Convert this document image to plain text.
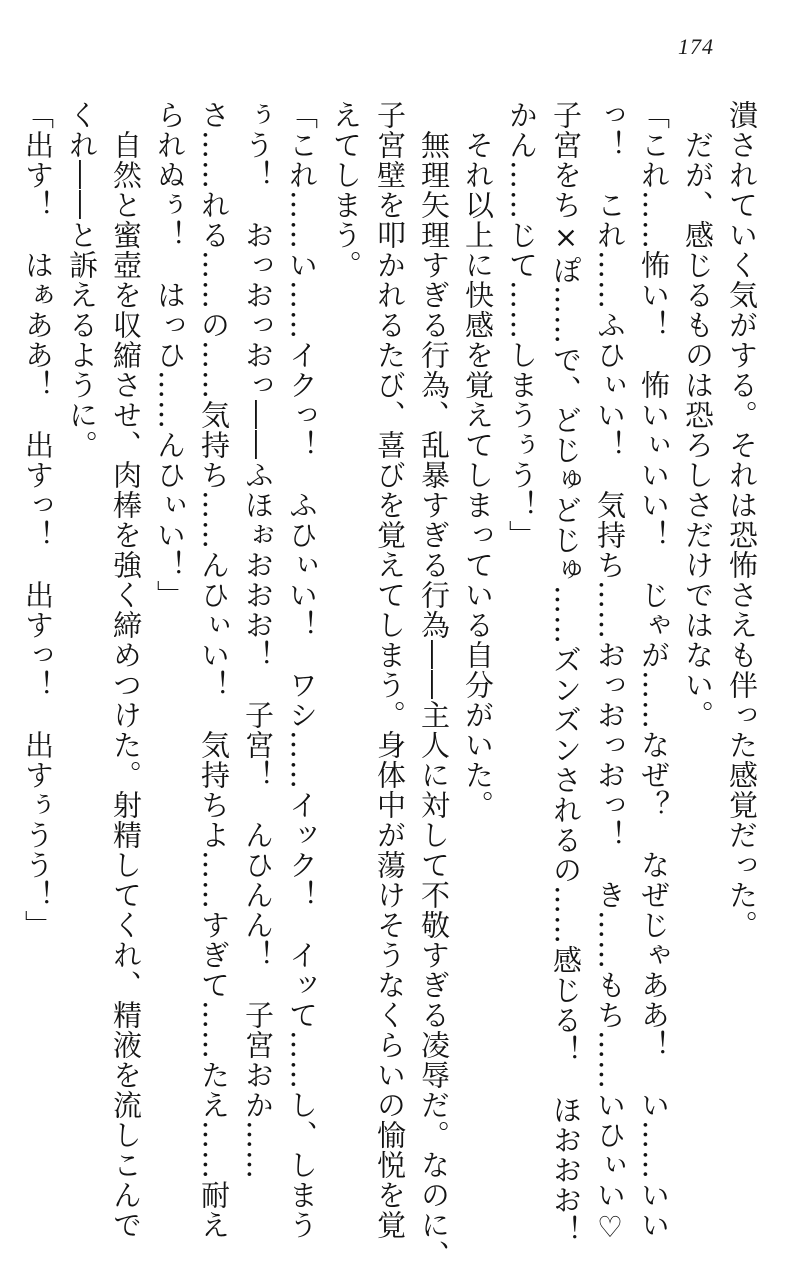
174

潰されていく気がする。それは恐怖さえも伴った感覚だった。

　だが、感じるものは恐ろしさだけではない。

「これ……怖い！　怖いぃいい！　じゃが……なぜ？　なぜじゃああ！　い……いい

っ！　これ……ふひぃい！　気持ち……おっおっおっ！　き……もち……いひぃい♡

子宮をち×ぽ……で、どじゅどじゅ……ズンズンされるの……感じる！　ほおおお！

かん……じて……しまうぅう！」

　それ以上に快感を覚えてしまっている自分がいた。

　無理矢理すぎる行為、乱暴すぎる行為――主人に対して不敬すぎる凌辱だ。なのに、

子宮壁を叩かれるたび、喜びを覚えてしまう。身体中が蕩けそうなくらいの愉悦を覚

えてしまう。

「これ……い……イクっ！　ふひぃい！　ワシ……イック！　イッて……し、しまう

ぅう！　おっおっおっ――ふほぉおおお！　子宮！　んひんん！　子宮おか……

さ……れる……の……気持ち……んひぃい！　気持ちよ……すぎて……たえ……耐え

られぬぅ！　はっひ……んひぃい！」

　自然と蜜壺を収縮させ、肉棒を強く締めつけた。射精してくれ、精液を流しこんで

くれ――と訴えるように。

「出す！　はぁああ！　出すっ！　出すっ！　出すぅうう！」
